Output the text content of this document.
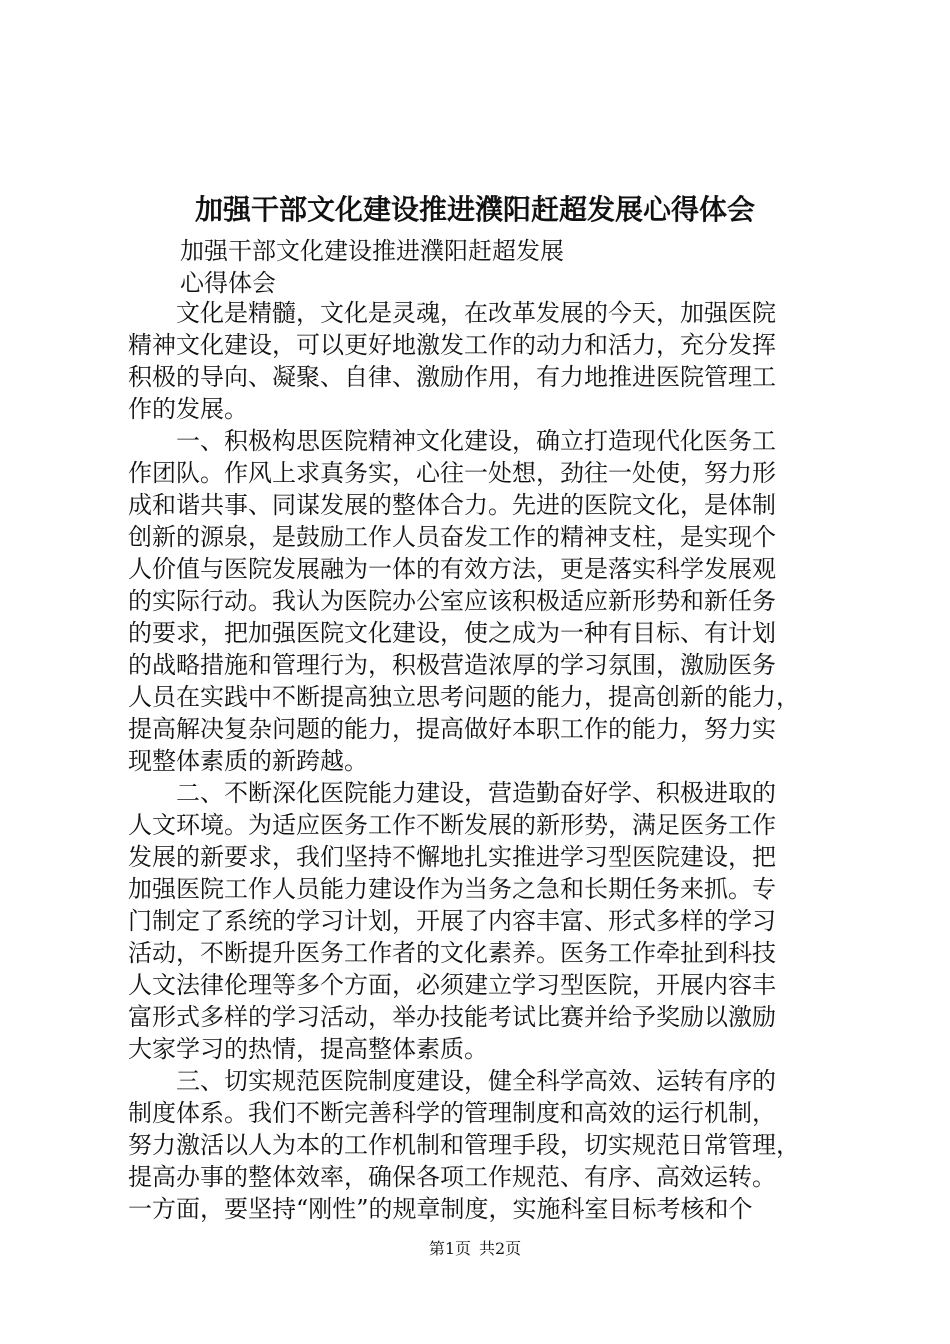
加强干部文化建设推进濮阳赶超发展心得体会
加强干部文化建设推进濮阳赶超发展
心得体会
　　文化是精髓，文化是灵魂，在改革发展的今天，加强医院
精神文化建设，可以更好地激发工作的动力和活力，充分发挥
积极的导向、凝聚、自律、激励作用，有力地推进医院管理工
作的发展。
　　一、积极构思医院精神文化建设，确立打造现代化医务工
作团队。作风上求真务实，心往一处想，劲往一处使，努力形
成和谐共事、同谋发展的整体合力。先进的医院文化，是体制
创新的源泉，是鼓励工作人员奋发工作的精神支柱，是实现个
人价值与医院发展融为一体的有效方法，更是落实科学发展观
的实际行动。我认为医院办公室应该积极适应新形势和新任务
的要求，把加强医院文化建设，使之成为一种有目标、有计划
的战略措施和管理行为，积极营造浓厚的学习氛围，激励医务
人员在实践中不断提高独立思考问题的能力，提高创新的能力，
提高解决复杂问题的能力，提高做好本职工作的能力，努力实
现整体素质的新跨越。
　　二、不断深化医院能力建设，营造勤奋好学、积极进取的
人文环境。为适应医务工作不断发展的新形势，满足医务工作
发展的新要求，我们坚持不懈地扎实推进学习型医院建设，把
加强医院工作人员能力建设作为当务之急和长期任务来抓。专
门制定了系统的学习计划，开展了内容丰富、形式多样的学习
活动，不断提升医务工作者的文化素养。医务工作牵扯到科技
人文法律伦理等多个方面，必须建立学习型医院，开展内容丰
富形式多样的学习活动，举办技能考试比赛并给予奖励以激励
大家学习的热情，提高整体素质。
　　三、切实规范医院制度建设，健全科学高效、运转有序的
制度体系。我们不断完善科学的管理制度和高效的运行机制，
努力激活以人为本的工作机制和管理手段，切实规范日常管理，
提高办事的整体效率，确保各项工作规范、有序、高效运转。
一方面，要坚持“刚性”的规章制度，实施科室目标考核和个
第1页 共2页
